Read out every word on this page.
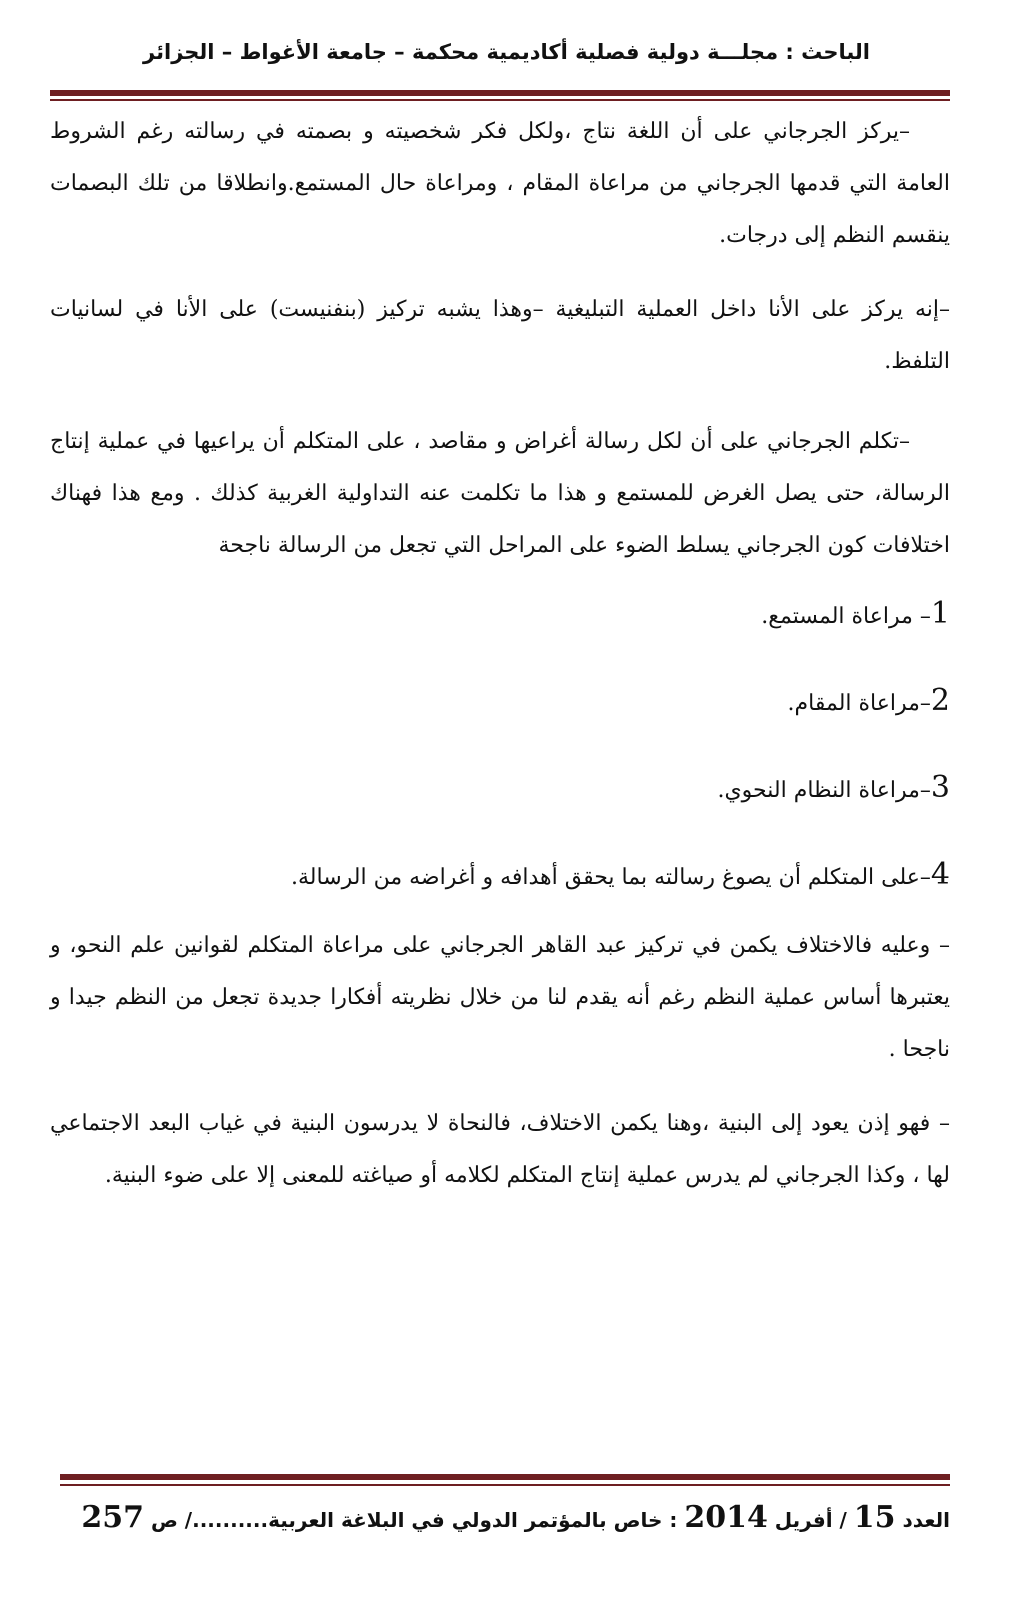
الباحث : مجلـــة دولية فصلية أكاديمية محكمة – جامعة الأغواط – الجزائر

–يركز الجرجاني على أن اللغة نتاج ،ولكل فكر شخصيته و بصمته في رسالته رغم الشروط العامة التي قدمها الجرجاني من مراعاة المقام ، ومراعاة حال المستمع.وانطلاقا من تلك البصمات ينقسم النظم إلى درجات.

–إنه يركز على الأنا داخل العملية التبليغية –وهذا يشبه تركيز (بنفنيست) على الأنا في لسانيات التلفظ.

–تكلم الجرجاني على أن لكل رسالة أغراض و مقاصد ، على المتكلم أن يراعيها في عملية إنتاج الرسالة، حتى يصل الغرض للمستمع و هذا ما تكلمت عنه التداولية الغربية كذلك . ومع هذا فهناك اختلافات كون الجرجاني يسلط الضوء على المراحل التي تجعل من الرسالة ناجحة

1– مراعاة المستمع.
2–مراعاة المقام.
3–مراعاة النظام النحوي.
4–على المتكلم أن يصوغ رسالته بما يحقق أهدافه و أغراضه من الرسالة.

– وعليه فالاختلاف يكمن في تركيز عبد القاهر الجرجاني على مراعاة المتكلم لقوانين علم النحو، و يعتبرها أساس عملية النظم رغم أنه يقدم لنا من خلال نظريته أفكارا جديدة تجعل من النظم جيدا و ناجحا .

– فهو إذن يعود إلى البنية ،وهنا يكمن الاختلاف، فالنحاة لا يدرسون البنية في غياب البعد الاجتماعي لها ، وكذا الجرجاني لم يدرس عملية إنتاج المتكلم لكلامه أو صياغته للمعنى إلا على ضوء البنية.

العدد 15 / أفريل 2014 : خاص بالمؤتمر الدولي في البلاغة العربية........../ ص 257
